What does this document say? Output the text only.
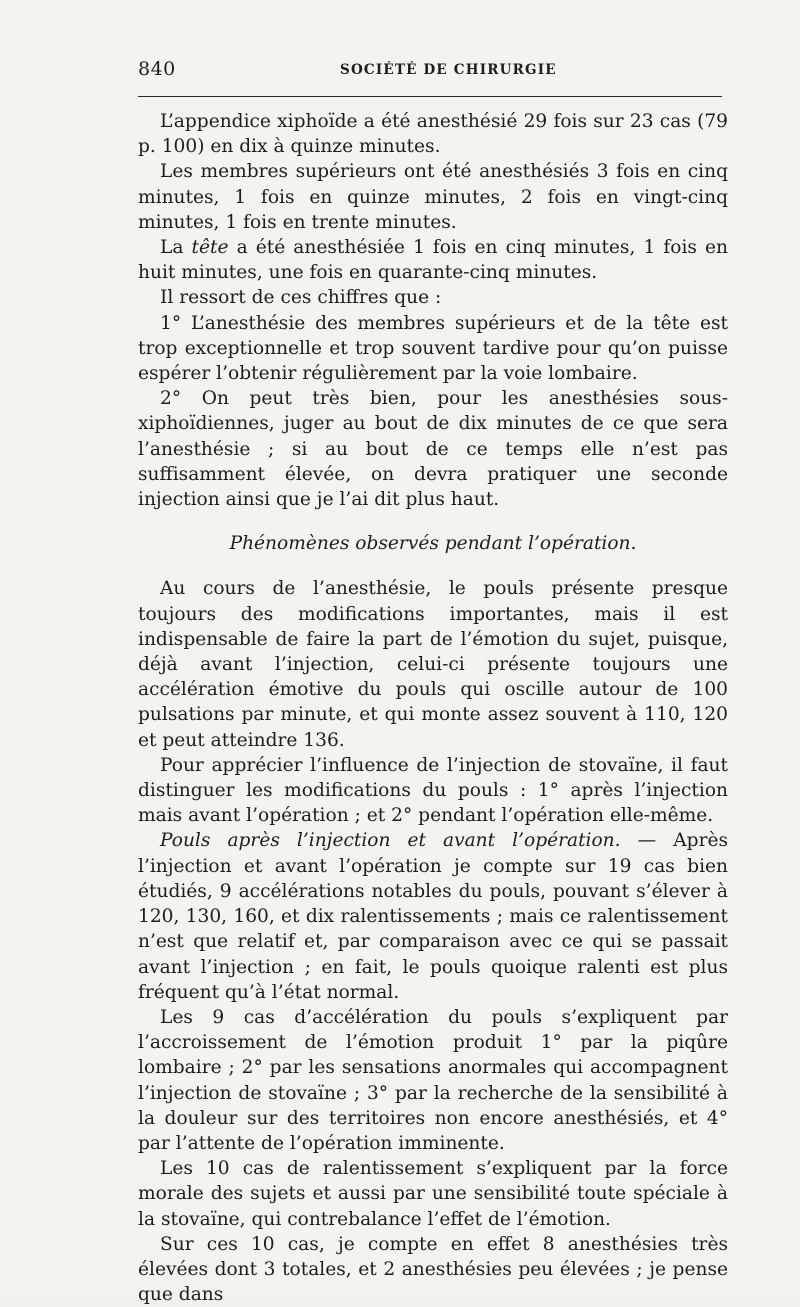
840	SOCIÉTÉ DE CHIRURGIE

L’appendice xiphoïde a été anesthésié 29 fois sur 23 cas (79 p. 100) en dix à quinze minutes.

Les membres supérieurs ont été anesthésiés 3 fois en cinq minutes, 1 fois en quinze minutes, 2 fois en vingt-cinq minutes, 1 fois en trente minutes.

La tête a été anesthésiée 1 fois en cinq minutes, 1 fois en huit minutes, une fois en quarante-cinq minutes.

Il ressort de ces chiffres que :

1° L’anesthésie des membres supérieurs et de la tête est trop exceptionnelle et trop souvent tardive pour qu’on puisse espérer l’obtenir régulièrement par la voie lombaire.

2° On peut très bien, pour les anesthésies sous-xiphoïdiennes, juger au bout de dix minutes de ce que sera l’anesthésie ; si au bout de ce temps elle n’est pas suffisamment élevée, on devra pratiquer une seconde injection ainsi que je l’ai dit plus haut.

Phénomènes observés pendant l’opération.

Au cours de l’anesthésie, le pouls présente presque toujours des modifications importantes, mais il est indispensable de faire la part de l’émotion du sujet, puisque, déjà avant l’injection, celui-ci présente toujours une accélération émotive du pouls qui oscille autour de 100 pulsations par minute, et qui monte assez souvent à 110, 120 et peut atteindre 136.

Pour apprécier l’influence de l’injection de stovaïne, il faut distinguer les modifications du pouls : 1° après l’injection mais avant l’opération ; et 2° pendant l’opération elle-même.

Pouls après l’injection et avant l’opération. — Après l’injection et avant l’opération je compte sur 19 cas bien étudiés, 9 accélérations notables du pouls, pouvant s’élever à 120, 130, 160, et dix ralentissements ; mais ce ralentissement n’est que relatif et, par comparaison avec ce qui se passait avant l’injection ; en fait, le pouls quoique ralenti est plus fréquent qu’à l’état normal.

Les 9 cas d’accélération du pouls s’expliquent par l’accroissement de l’émotion produit 1° par la piqûre lombaire ; 2° par les sensations anormales qui accompagnent l’injection de stovaïne ; 3° par la recherche de la sensibilité à la douleur sur des territoires non encore anesthésiés, et 4° par l’attente de l’opération imminente.

Les 10 cas de ralentissement s’expliquent par la force morale des sujets et aussi par une sensibilité toute spéciale à la stovaïne, qui contrebalance l’effet de l’émotion.

Sur ces 10 cas, je compte en effet 8 anesthésies très élevées dont 3 totales, et 2 anesthésies peu élevées ; je pense que dans
